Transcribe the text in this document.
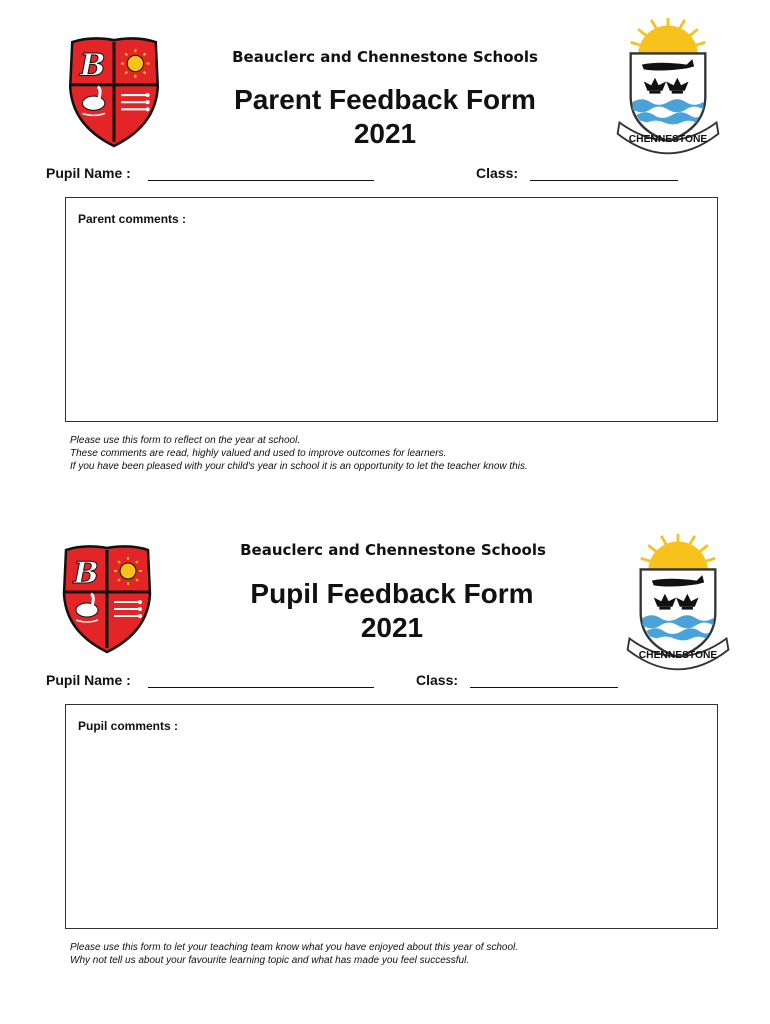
Beauclerc and Chennestone Schools
Parent Feedback Form
2021	CHENNESTONE
Pupil Name :	Class:
Parent comments :
Please use this form to reflect on the year at school.
These comments are read, highly valued and used to improve outcomes for learners.
If you have been pleased with your child's year in school it is an opportunity to let the teacher know this.
Beauclerc and Chennestone Schools
Pupil Feedback Form
2021
CHENNESTONE
Pupil Name :	Class:
Pupil comments :
Please use this form to let your teaching team know what you have enjoyed about this year of school.
Why not tell us about your favourite learning topic and what has made you feel successful.
